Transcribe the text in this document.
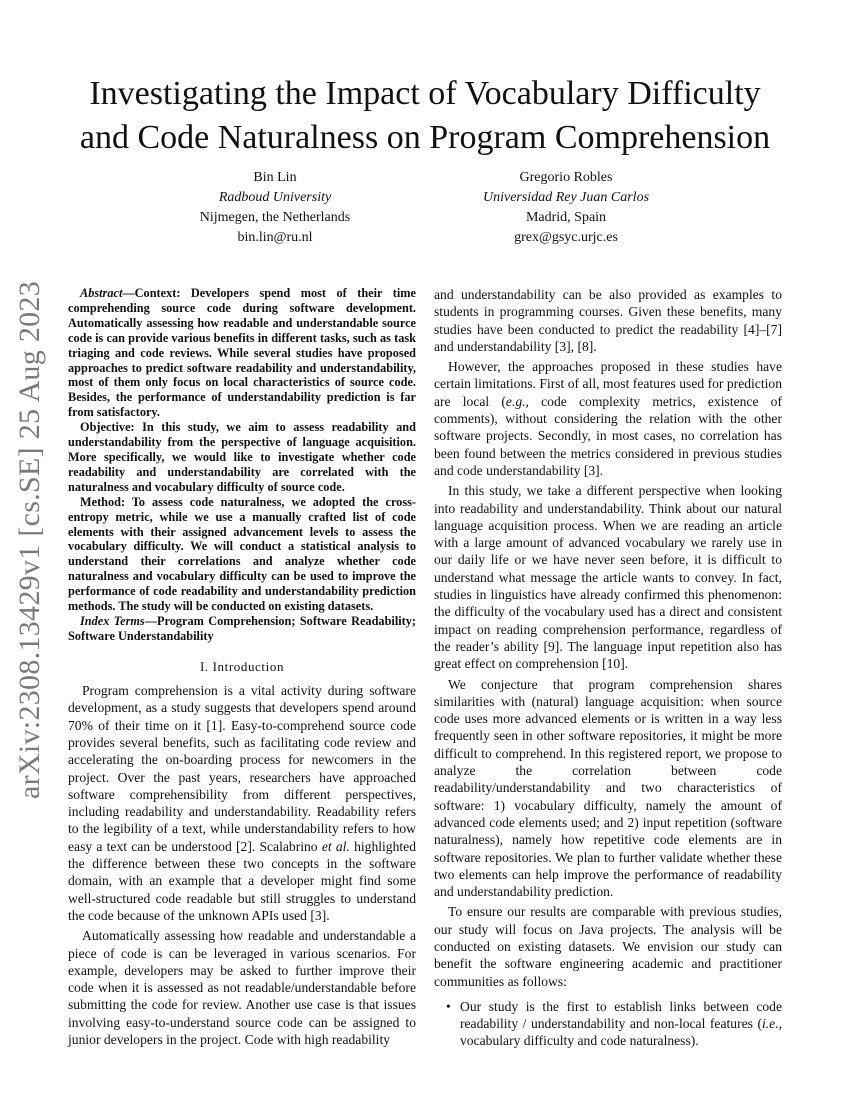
arXiv:2308.13429v1 [cs.SE] 25 Aug 2023
Investigating the Impact of Vocabulary Difficulty
and Code Naturalness on Program Comprehension
Bin Lin
Radboud University
Nijmegen, the Netherlands
bin.lin@ru.nl
Gregorio Robles
Universidad Rey Juan Carlos
Madrid, Spain
grex@gsyc.urjc.es

Abstract—Context: Developers spend most of their time comprehending source code during software development. Automatically assessing how readable and understandable source code is can provide various benefits in different tasks, such as task triaging and code reviews. While several studies have proposed approaches to predict software readability and understandability, most of them only focus on local characteristics of source code. Besides, the performance of understandability prediction is far from satisfactory.

Objective: In this study, we aim to assess readability and understandability from the perspective of language acquisition. More specifically, we would like to investigate whether code readability and understandability are correlated with the naturalness and vocabulary difficulty of source code.

Method: To assess code naturalness, we adopted the cross-entropy metric, while we use a manually crafted list of code elements with their assigned advancement levels to assess the vocabulary difficulty. We will conduct a statistical analysis to understand their correlations and analyze whether code naturalness and vocabulary difficulty can be used to improve the performance of code readability and understandability prediction methods. The study will be conducted on existing datasets.

Index Terms—Program Comprehension; Software Readability; Software Understandability

I. Introduction

Program comprehension is a vital activity during software development, as a study suggests that developers spend around 70% of their time on it [1]. Easy-to-comprehend source code provides several benefits, such as facilitating code review and accelerating the on-boarding process for newcomers in the project. Over the past years, researchers have approached software comprehensibility from different perspectives, including readability and understandability. Readability refers to the legibility of a text, while understandability refers to how easy a text can be understood [2]. Scalabrino et al. highlighted the difference between these two concepts in the software domain, with an example that a developer might find some well-structured code readable but still struggles to understand the code because of the unknown APIs used [3].

Automatically assessing how readable and understandable a piece of code is can be leveraged in various scenarios. For example, developers may be asked to further improve their code when it is assessed as not readable/understandable before submitting the code for review. Another use case is that issues involving easy-to-understand source code can be assigned to junior developers in the project. Code with high readability

and understandability can be also provided as examples to students in programming courses. Given these benefits, many studies have been conducted to predict the readability [4]–[7] and understandability [3], [8].

However, the approaches proposed in these studies have certain limitations. First of all, most features used for prediction are local (e.g., code complexity metrics, existence of comments), without considering the relation with the other software projects. Secondly, in most cases, no correlation has been found between the metrics considered in previous studies and code understandability [3].

In this study, we take a different perspective when looking into readability and understandability. Think about our natural language acquisition process. When we are reading an article with a large amount of advanced vocabulary we rarely use in our daily life or we have never seen before, it is difficult to understand what message the article wants to convey. In fact, studies in linguistics have already confirmed this phenomenon: the difficulty of the vocabulary used has a direct and consistent impact on reading comprehension performance, regardless of the reader’s ability [9]. The language input repetition also has great effect on comprehension [10].

We conjecture that program comprehension shares similarities with (natural) language acquisition: when source code uses more advanced elements or is written in a way less frequently seen in other software repositories, it might be more difficult to comprehend. In this registered report, we propose to analyze the correlation between code readability/understandability and two characteristics of software: 1) vocabulary difficulty, namely the amount of advanced code elements used; and 2) input repetition (software naturalness), namely how repetitive code elements are in software repositories. We plan to further validate whether these two elements can help improve the performance of readability and understandability prediction.

To ensure our results are comparable with previous studies, our study will focus on Java projects. The analysis will be conducted on existing datasets. We envision our study can benefit the software engineering academic and practitioner communities as follows:

• Our study is the first to establish links between code readability / understandability and non-local features (i.e., vocabulary difficulty and code naturalness).
